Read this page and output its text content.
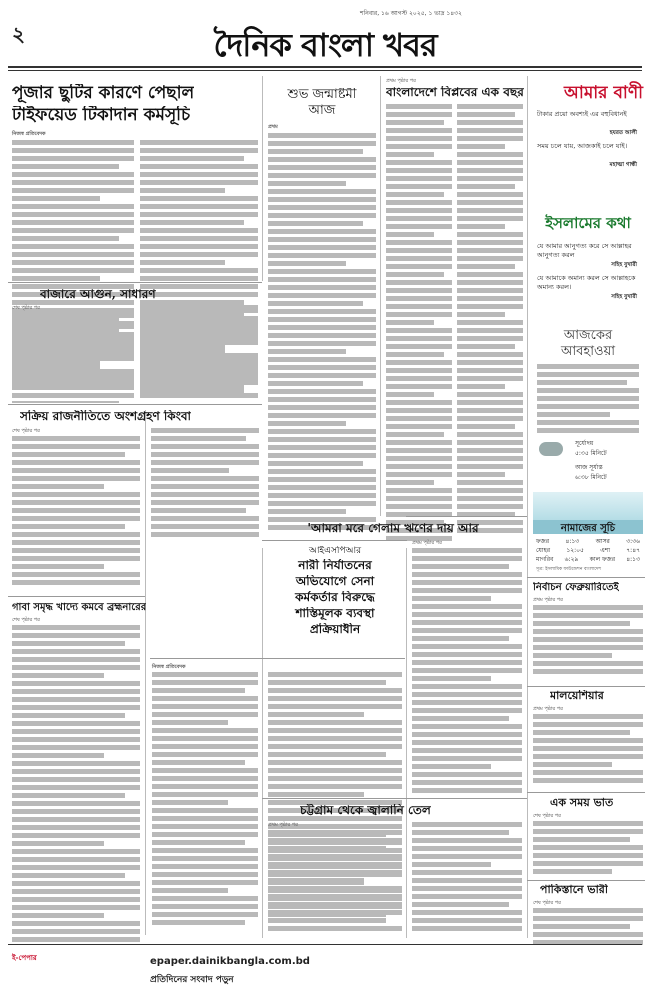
২
শনিবার, ১৬ আগস্ট ২০২৫, ১ ভাদ্র ১৪৩২
দৈনিক বাংলা খবর
পূজার ছুটির কারণে পেছাল
টাইফয়েড টিকাদান কর্মসূচি
নিজস্ব প্রতিবেদক
শুভ জন্মাষ্টমী
আজ
প্রথম
প্রথম পৃষ্ঠার পর
বাংলাদেশে বিপ্লবের এক বছর
বাজারে আগুন, সাধারণ
শেষ পৃষ্ঠার পর
সক্রিয় রাজনীতিতে অংশগ্রহণ কিংবা
শেষ পৃষ্ঠার পর
আইএসপিআর
নারী নির্যাতনের
অভিযোগে সেনা
কর্মকর্তার বিরুদ্ধে
শাস্তিমূলক ব্যবস্থা
প্রক্রিয়াধীন
নিজস্ব প্রতিবেদক
'আমরা মরে গেলাম ঋণের দায় আর
প্রথম পৃষ্ঠার পর
গাবা সমৃদ্ধ খাদ্যে কমবে ব্রহ্মনারের
শেষ পৃষ্ঠার পর
চট্টগ্রাম থেকে জ্বালানি তেল
প্রথম পৃষ্ঠার পর
আমার বাণী
টাকার প্রয়ো অবশ্যই এর বহুবিধানই
হযরত আলী
সময় চলে যায়, আজকাই চলে যাই।
মহাত্মা গান্ধী
ইসলামের কথা
যে আমার আনুগত্য করে সে আল্লাহর আনুগত্য করল
সহিহ বুখারী
যে আমাকে অমান্য করল সে আল্লাহকে অমান্য করল।
সহিহ বুখারী
আজকের
আবহাওয়া
সূর্যোদয়
৫:৩৫ মিনিটে
আজ সূর্যাস্ত
৬:৩৮ মিনিটে
নামাজের সূচি
ফজর	৪:১৩	আসর	৩:৩৬
যোহর	১২:০৫	এশা	৭:৪৭
মাগরিব ৬:২৯ কাল ফজর ৪:১৩
সূত্র: ইসলামিক ফাউন্ডেশন বাংলাদেশ
নির্বাচন ফেব্রুয়ারিতেই
প্রথম পৃষ্ঠার পর
মালয়েশিয়ার
প্রথম পৃষ্ঠার পর
এক সময় ভাত
শেষ পৃষ্ঠার পর
পাকিস্তানে ভারী
শেষ পৃষ্ঠার পর
ই-পেপার	epaper.dainikbangla.com.bd
প্রতিদিনের সংবাদ পড়ুন
